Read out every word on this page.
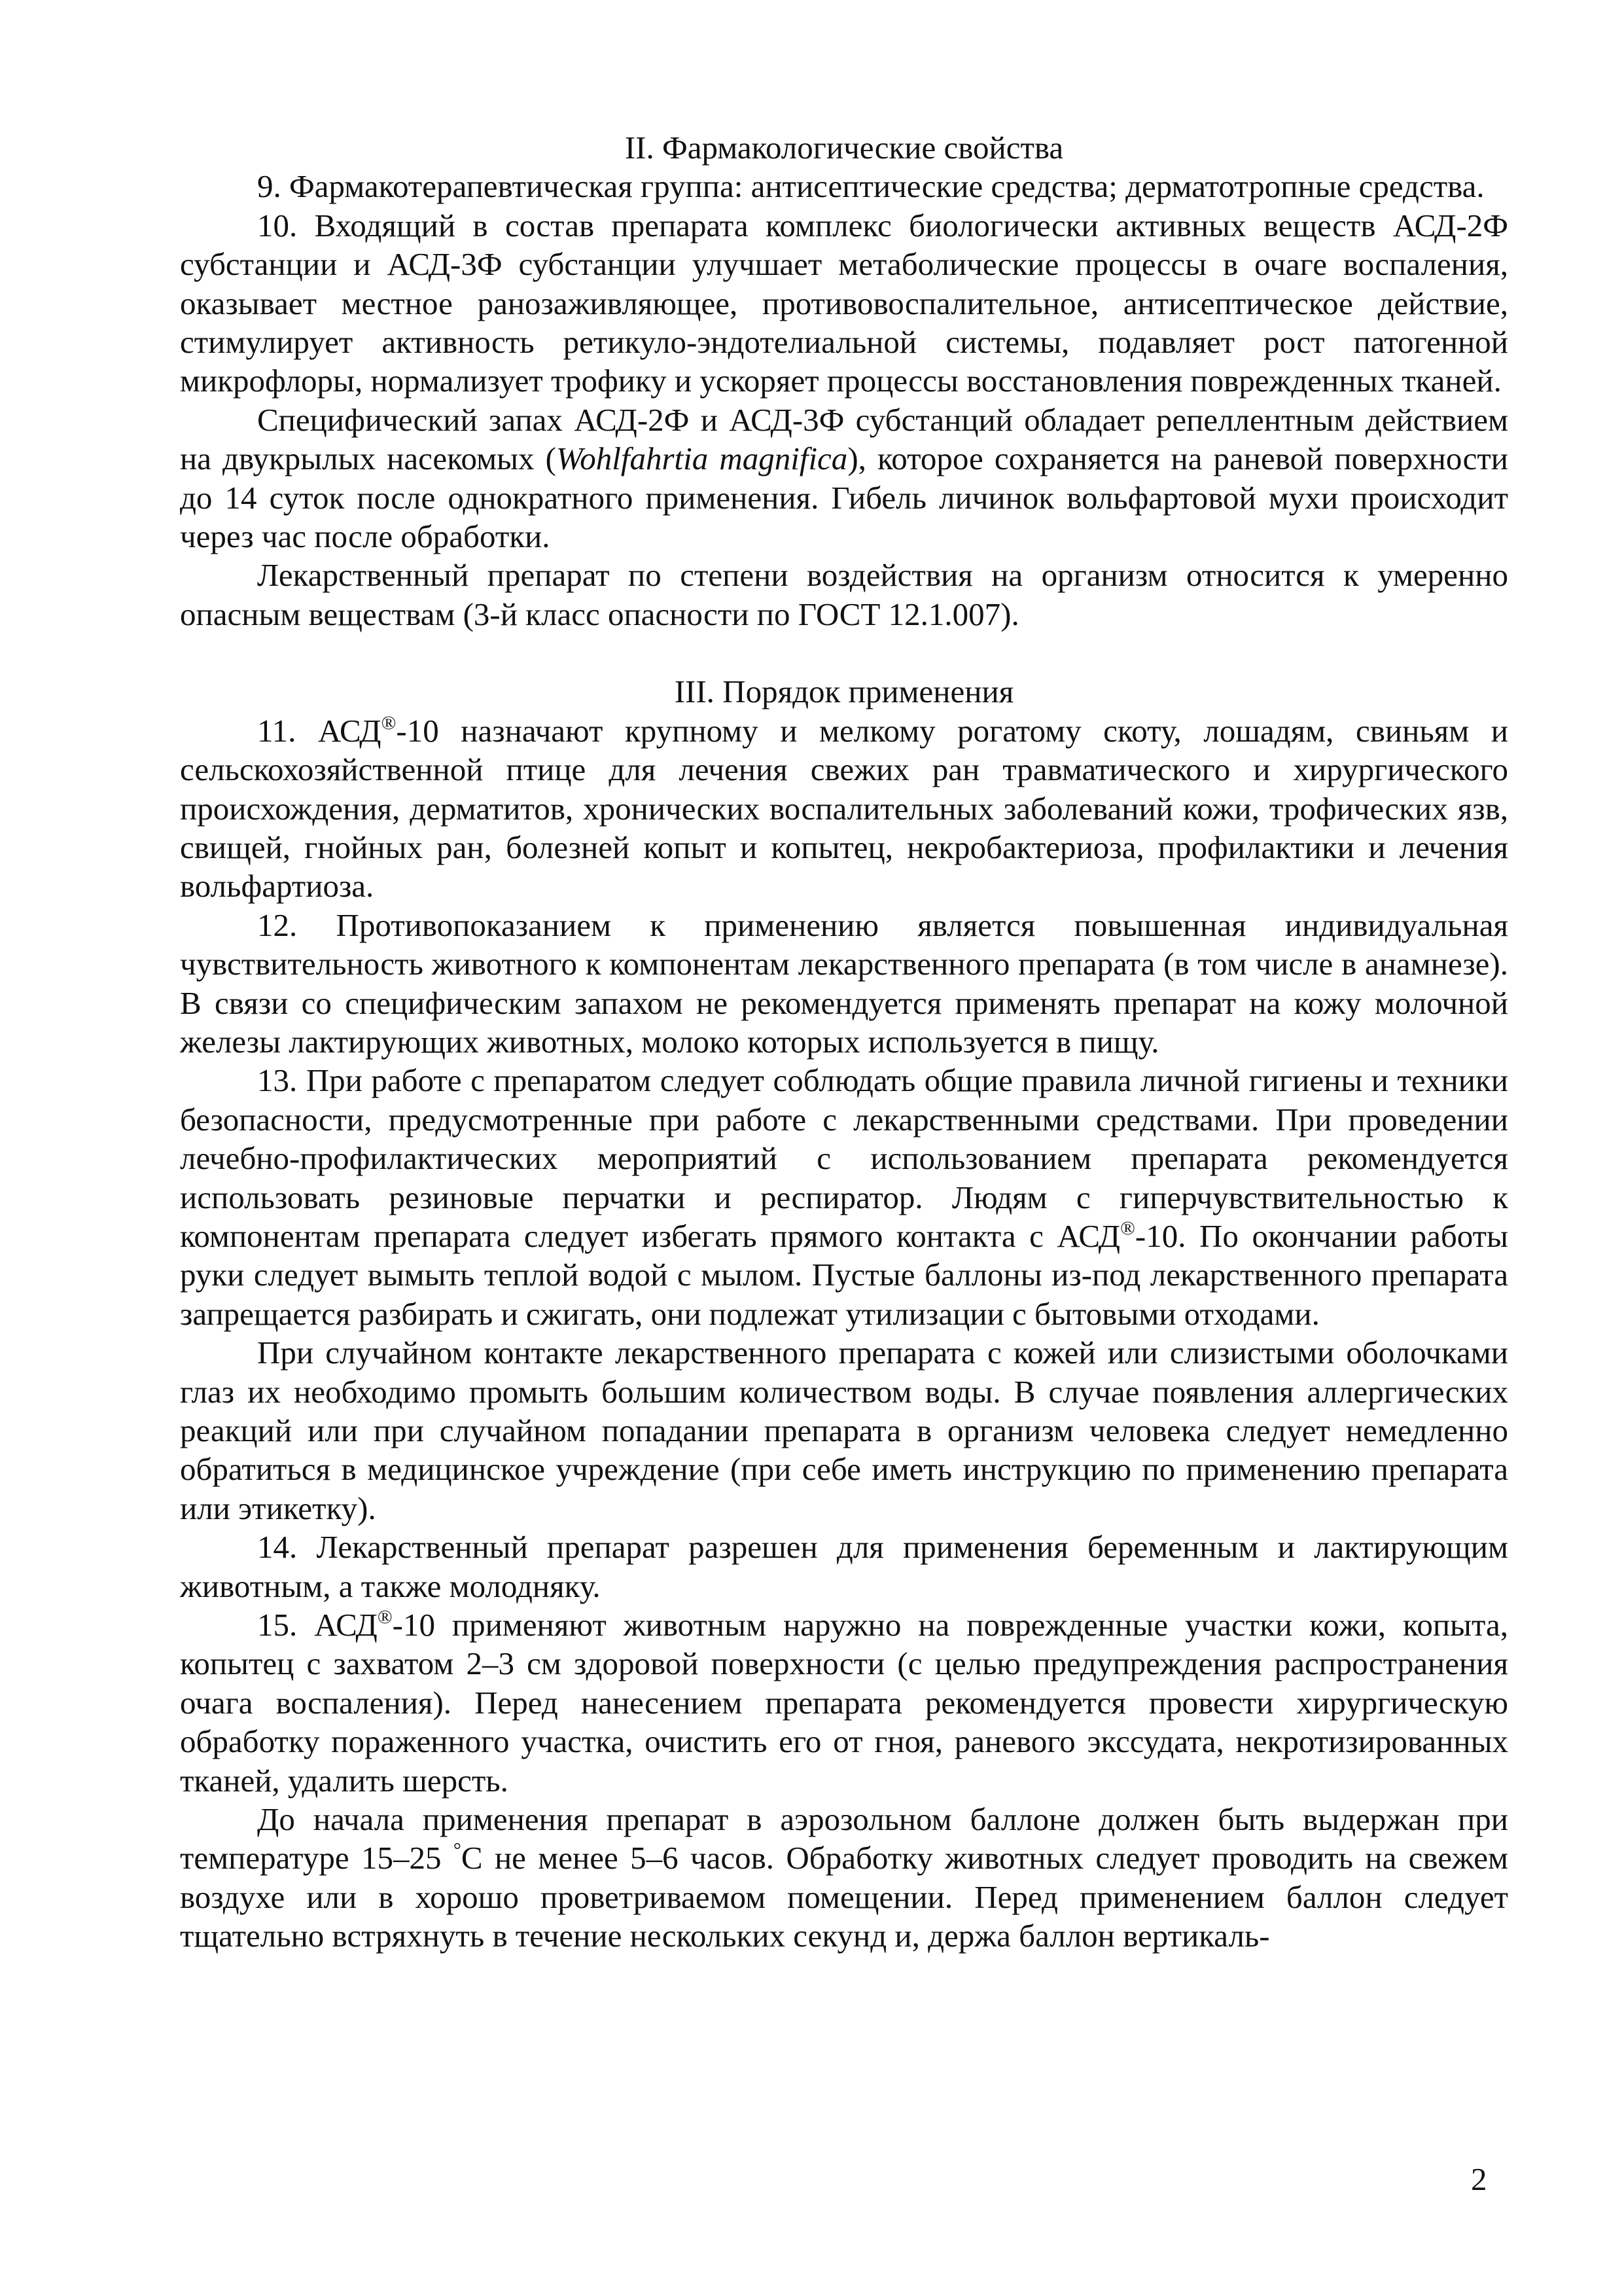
II. Фармакологические свойства

9. Фармакотерапевтическая группа: антисептические средства; дерматотропные средства.

10. Входящий в состав препарата комплекс биологически активных веществ АСД-2Ф субстанции и АСД-3Ф субстанции улучшает метаболические процессы в очаге воспаления, оказывает местное ранозаживляющее, противовоспалительное, антисептическое действие, стимулирует активность ретикуло-эндотелиальной системы, подавляет рост патогенной микрофлоры, нормализует трофику и ускоряет процессы восстановления поврежденных тканей.

Специфический запах АСД-2Ф и АСД-3Ф субстанций обладает репеллентным действием на двукрылых насекомых (Wohlfahrtia magnifica), которое сохраняется на раневой поверхности до 14 суток после однократного применения. Гибель личинок вольфартовой мухи происходит через час после обработки.

Лекарственный препарат по степени воздействия на организм относится к умеренно опасным веществам (3-й класс опасности по ГОСТ 12.1.007).

III. Порядок применения

11. АСД®-10 назначают крупному и мелкому рогатому скоту, лошадям, свиньям и сельскохозяйственной птице для лечения свежих ран травматического и хирургического происхождения, дерматитов, хронических воспалительных заболеваний кожи, трофических язв, свищей, гнойных ран, болезней копыт и копытец, некробактериоза, профилактики и лечения вольфартиоза.

12. Противопоказанием к применению является повышенная индивидуальная чувствительность животного к компонентам лекарственного препарата (в том числе в анамнезе). В связи со специфическим запахом не рекомендуется применять препарат на кожу молочной железы лактирующих животных, молоко которых используется в пищу.

13. При работе с препаратом следует соблюдать общие правила личной гигиены и техники безопасности, предусмотренные при работе с лекарственными средствами. При проведении лечебно-профилактических мероприятий с использованием препарата рекомендуется использовать резиновые перчатки и респиратор. Людям с гиперчувствительностью к компонентам препарата следует избегать прямого контакта с АСД®-10. По окончании работы руки следует вымыть теплой водой с мылом. Пустые баллоны из-под лекарственного препарата запрещается разбирать и сжигать, они подлежат утилизации с бытовыми отходами.

При случайном контакте лекарственного препарата с кожей или слизистыми оболочками глаз их необходимо промыть большим количеством воды. В случае появления аллергических реакций или при случайном попадании препарата в организм человека следует немедленно обратиться в медицинское учреждение (при себе иметь инструкцию по применению препарата или этикетку).

14. Лекарственный препарат разрешен для применения беременным и лактирующим животным, а также молодняку.

15. АСД®-10 применяют животным наружно на поврежденные участки кожи, копыта, копытец с захватом 2–3 см здоровой поверхности (с целью предупреждения распространения очага воспаления). Перед нанесением препарата рекомендуется провести хирургическую обработку пораженного участка, очистить его от гноя, раневого экссудата, некротизированных тканей, удалить шерсть.

До начала применения препарат в аэрозольном баллоне должен быть выдержан при температуре 15–25 °С не менее 5–6 часов. Обработку животных следует проводить на свежем воздухе или в хорошо проветриваемом помещении. Перед применением баллон следует тщательно встряхнуть в течение нескольких секунд и, держа баллон вертикаль-

2
